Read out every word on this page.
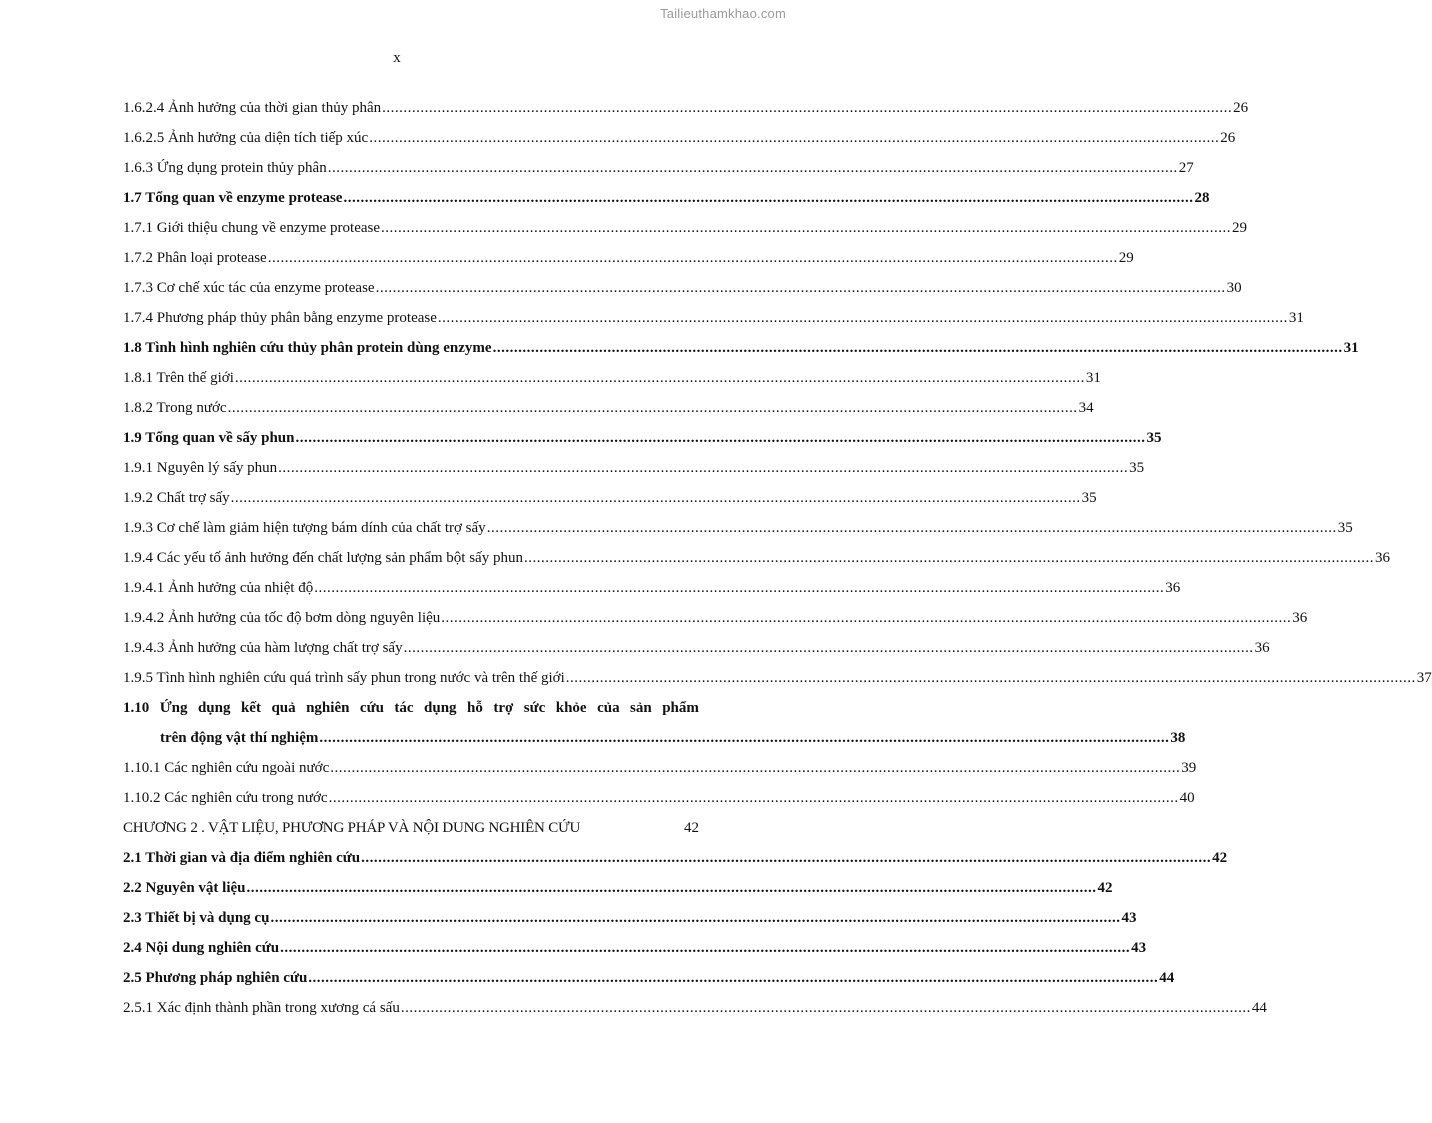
Tailieuthamkhao.com
x
1.6.2.4 Ảnh hưởng của thời gian thủy phân ........................................................................................................................................................................................................ 26
1.6.2.5 Ảnh hưởng của diện tích tiếp xúc ........................................................................................................................................................................................................ 26
1.6.3 Ứng dụng protein thủy phân ........................................................................................................................................................................................................ 27
1.7 Tổng quan về enzyme protease ........................................................................................................................................................................................................ 28
1.7.1 Giới thiệu chung về enzyme protease ........................................................................................................................................................................................................ 29
1.7.2 Phân loại protease ........................................................................................................................................................................................................ 29
1.7.3 Cơ chế xúc tác của enzyme protease ........................................................................................................................................................................................................ 30
1.7.4 Phương pháp thủy phân bằng enzyme protease ........................................................................................................................................................................................................ 31
1.8 Tình hình nghiên cứu thủy phân protein dùng enzyme ........................................................................................................................................................................................................ 31
1.8.1 Trên thế giới ........................................................................................................................................................................................................ 31
1.8.2 Trong nước ........................................................................................................................................................................................................ 34
1.9 Tổng quan về sấy phun ........................................................................................................................................................................................................ 35
1.9.1 Nguyên lý sấy phun ........................................................................................................................................................................................................ 35
1.9.2 Chất trợ sấy ........................................................................................................................................................................................................ 35
1.9.3 Cơ chế làm giảm hiện tượng bám dính của chất trợ sấy ........................................................................................................................................................................................................ 35
1.9.4 Các yếu tố ảnh hưởng đến chất lượng sản phẩm bột sấy phun ........................................................................................................................................................................................................ 36
1.9.4.1 Ảnh hưởng của nhiệt độ ........................................................................................................................................................................................................ 36
1.9.4.2 Ảnh hưởng của tốc độ bơm dòng nguyên liệu ........................................................................................................................................................................................................ 36
1.9.4.3 Ảnh hưởng của hàm lượng chất trợ sấy ........................................................................................................................................................................................................ 36
1.9.5 Tình hình nghiên cứu quá trình sấy phun trong nước và trên thế giới ........................................................................................................................................................................................................ 37
1.10 Ứng dụng kết quả nghiên cứu tác dụng hỗ trợ sức khỏe của sản phẩm
trên động vật thí nghiệm ........................................................................................................................................................................................................ 38
1.10.1 Các nghiên cứu ngoài nước ........................................................................................................................................................................................................ 39
1.10.2 Các nghiên cứu trong nước ........................................................................................................................................................................................................ 40
CHƯƠNG 2 . VẬT LIỆU, PHƯƠNG PHÁP VÀ NỘI DUNG NGHIÊN CỨU	42
2.1 Thời gian và địa điểm nghiên cứu ........................................................................................................................................................................................................ 42
2.2 Nguyên vật liệu ........................................................................................................................................................................................................ 42
2.3 Thiết bị và dụng cụ ........................................................................................................................................................................................................ 43
2.4 Nội dung nghiên cứu ........................................................................................................................................................................................................ 43
2.5 Phương pháp nghiên cứu ........................................................................................................................................................................................................ 44
2.5.1 Xác định thành phần trong xương cá sấu ........................................................................................................................................................................................................ 44
